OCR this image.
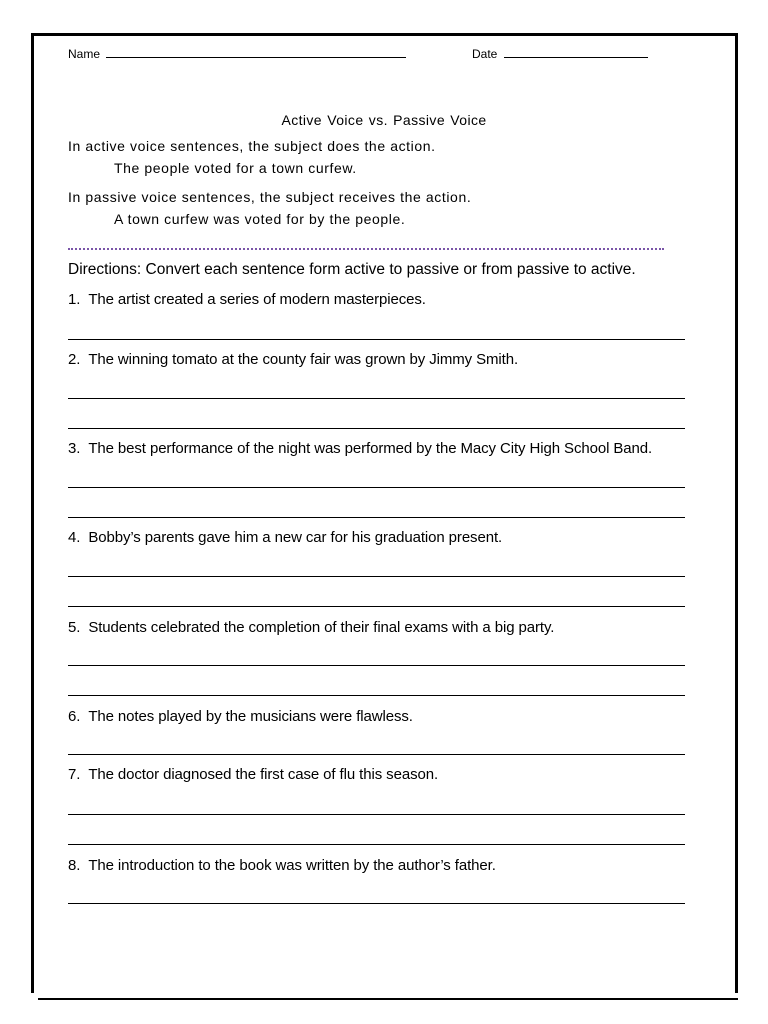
Name	Date
Active Voice vs. Passive Voice
In active voice sentences, the subject does the action.
The people voted for a town curfew.
In passive voice sentences, the subject receives the action.
A town curfew was voted for by the people.
Directions: Convert each sentence form active to passive or from passive to active.
1. The artist created a series of modern masterpieces.
2. The winning tomato at the county fair was grown by Jimmy Smith.
3. The best performance of the night was performed by the Macy City High School Band.
4. Bobby’s parents gave him a new car for his graduation present.
5. Students celebrated the completion of their final exams with a big party.
6. The notes played by the musicians were flawless.
7. The doctor diagnosed the first case of flu this season.
8. The introduction to the book was written by the author’s father.
